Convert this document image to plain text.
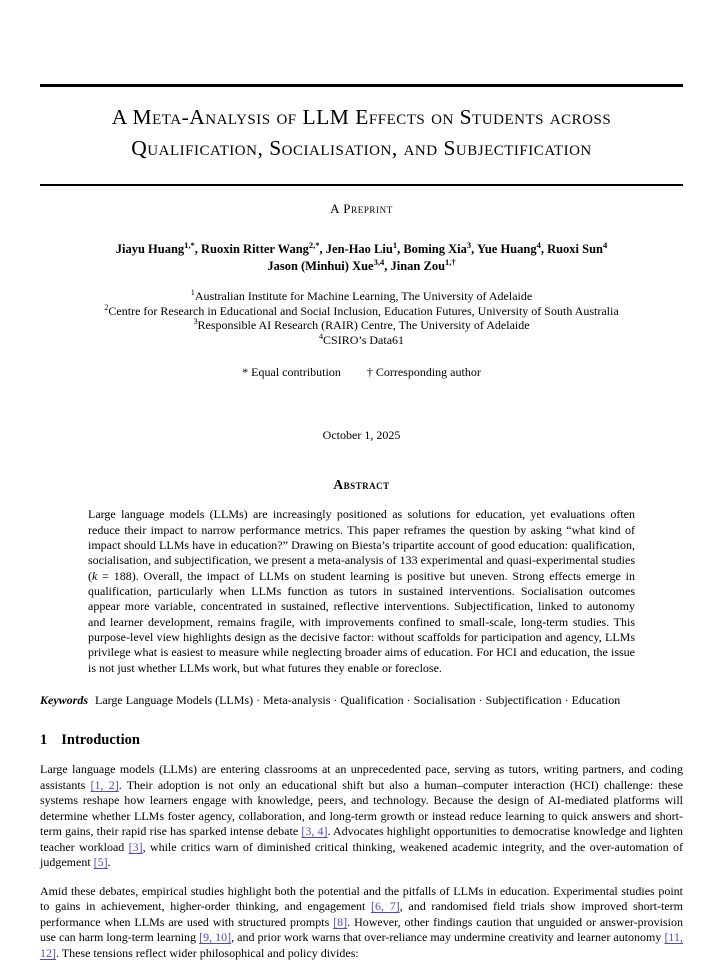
A Meta-Analysis of LLM Effects on Students across
Qualification, Socialisation, and Subjectification
A Preprint
Jiayu Huang$^{1,*}$, Ruoxin Ritter Wang$^{2,*}$, Jen-Hao Liu$^1$, Boming Xia$^3$, Yue Huang$^4$, Ruoxi Sun$^4$
Jason (Minhui) Xue$^{3,4}$, Jinan Zou$^{1,\dagger}$
$^1$Australian Institute for Machine Learning, The University of Adelaide
$^2$Centre for Research in Educational and Social Inclusion, Education Futures, University of South Australia
$^3$Responsible AI Research (RAIR) Centre, The University of Adelaide
$^4$CSIRO’s Data61
* Equal contribution † Corresponding author
October 1, 2025
Abstract
Large language models (LLMs) are increasingly positioned as solutions for education, yet evaluations often reduce their impact to narrow performance metrics. This paper reframes the question by asking “what kind of impact should LLMs have in education?” Drawing on Biesta’s tripartite account of good education: qualification, socialisation, and subjectification, we present a meta-analysis of 133 experimental and quasi-experimental studies (k = 188). Overall, the impact of LLMs on student learning is positive but uneven. Strong effects emerge in qualification, particularly when LLMs function as tutors in sustained interventions. Socialisation outcomes appear more variable, concentrated in sustained, reflective interventions. Subjectification, linked to autonomy and learner development, remains fragile, with improvements confined to small-scale, long-term studies. This purpose-level view highlights design as the decisive factor: without scaffolds for participation and agency, LLMs privilege what is easiest to measure while neglecting broader aims of education. For HCI and education, the issue is not just whether LLMs work, but what futures they enable or foreclose.
Keywords Large Language Models (LLMs) · Meta-analysis · Qualification · Socialisation · Subjectification · Education
1 Introduction
Large language models (LLMs) are entering classrooms at an unprecedented pace, serving as tutors, writing partners, and coding assistants [1, 2]. Their adoption is not only an educational shift but also a human–computer interaction (HCI) challenge: these systems reshape how learners engage with knowledge, peers, and technology. Because the design of AI-mediated platforms will determine whether LLMs foster agency, collaboration, and long-term growth or instead reduce learning to quick answers and short-term gains, their rapid rise has sparked intense debate [3, 4]. Advocates highlight opportunities to democratise knowledge and lighten teacher workload [3], while critics warn of diminished critical thinking, weakened academic integrity, and the over-automation of judgement [5].
Amid these debates, empirical studies highlight both the potential and the pitfalls of LLMs in education. Experimental studies point to gains in achievement, higher-order thinking, and engagement [6, 7], and randomised field trials show improved short-term performance when LLMs are used with structured prompts [8]. However, other findings caution that unguided or answer-provision use can harm long-term learning [9, 10], and prior work warns that over-reliance may undermine creativity and learner autonomy [11, 12]. These tensions reflect wider philosophical and policy divides:
